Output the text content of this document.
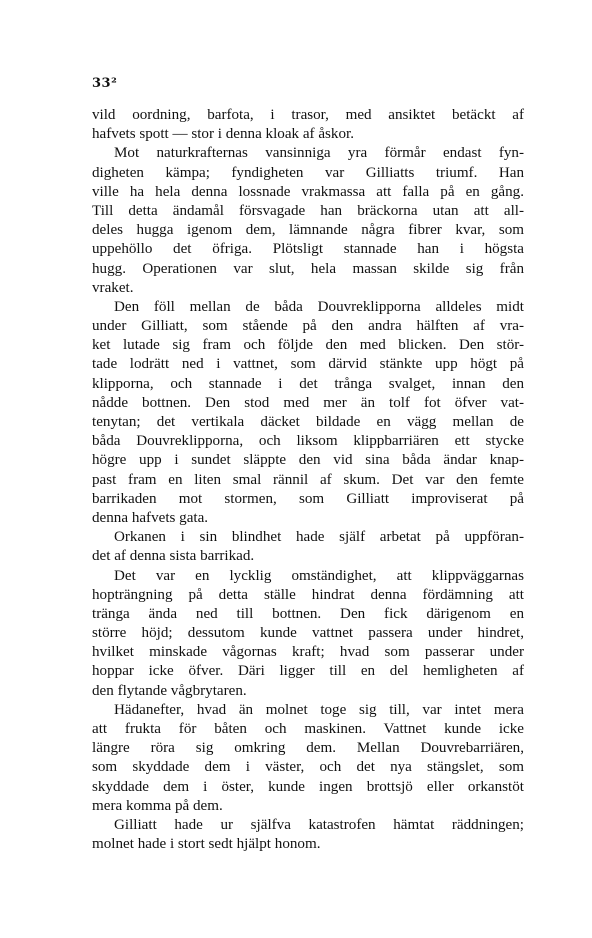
33²
vild oordning, barfota, i trasor, med ansiktet betäckt af
hafvets spott — stor i denna kloak af åskor.
Mot naturkrafternas vansinniga yra förmår endast fyn-
digheten kämpa; fyndigheten var Gilliatts triumf. Han
ville ha hela denna lossnade vrakmassa att falla på en gång.
Till detta ändamål försvagade han bräckorna utan att all-
deles hugga igenom dem, lämnande några fibrer kvar, som
uppehöllo det öfriga. Plötsligt stannade han i högsta
hugg. Operationen var slut, hela massan skilde sig från
vraket.
Den föll mellan de båda Douvreklipporna alldeles midt
under Gilliatt, som stående på den andra hälften af vra-
ket lutade sig fram och följde den med blicken. Den stör-
tade lodrätt ned i vattnet, som därvid stänkte upp högt på
klipporna, och stannade i det trånga svalget, innan den
nådde bottnen. Den stod med mer än tolf fot öfver vat-
tenytan; det vertikala däcket bildade en vägg mellan de
båda Douvreklipporna, och liksom klippbarriären ett stycke
högre upp i sundet släppte den vid sina båda ändar knap-
past fram en liten smal rännil af skum. Det var den femte
barrikaden mot stormen, som Gilliatt improviserat på
denna hafvets gata.
Orkanen i sin blindhet hade själf arbetat på uppföran-
det af denna sista barrikad.
Det var en lycklig omständighet, att klippväggarnas
hopträngning på detta ställe hindrat denna fördämning att
tränga ända ned till bottnen. Den fick därigenom en
större höjd; dessutom kunde vattnet passera under hindret,
hvilket minskade vågornas kraft; hvad som passerar under
hoppar icke öfver. Däri ligger till en del hemligheten af
den flytande vågbrytaren.
Hädanefter, hvad än molnet toge sig till, var intet mera
att frukta för båten och maskinen. Vattnet kunde icke
längre röra sig omkring dem. Mellan Douvrebarriären,
som skyddade dem i väster, och det nya stängslet, som
skyddade dem i öster, kunde ingen brottsjö eller orkanstöt
mera komma på dem.
Gilliatt hade ur själfva katastrofen hämtat räddningen;
molnet hade i stort sedt hjälpt honom.
